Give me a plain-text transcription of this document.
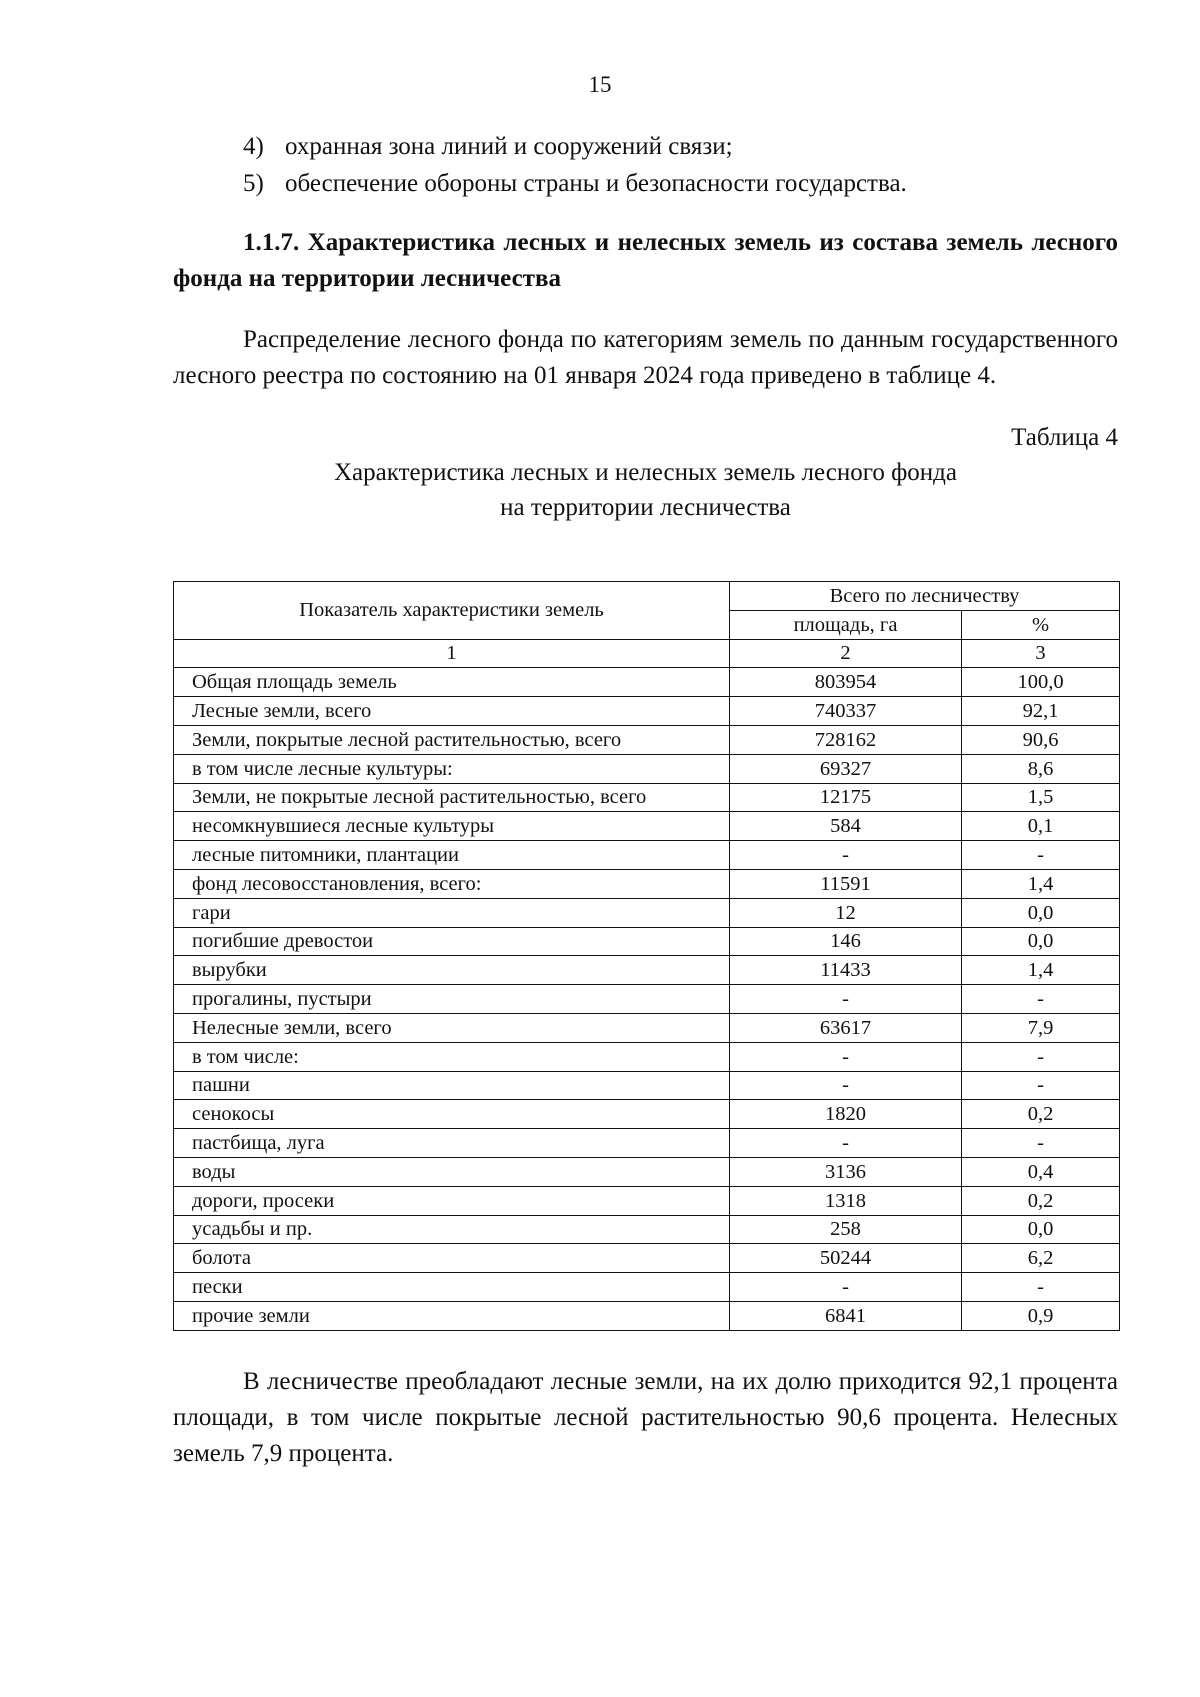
15
4) охранная зона линий и сооружений связи;
5) обеспечение обороны страны и безопасности государства.
1.1.7. Характеристика лесных и нелесных земель из состава земель лесного фонда на территории лесничества
Распределение лесного фонда по категориям земель по данным государственного лесного реестра по состоянию на 01 января 2024 года приведено в таблице 4.
Таблица 4
Характеристика лесных и нелесных земель лесного фонда
на территории лесничества
Показатель характеристики земель	Всего по лесничеству	
	площадь, га	%
1	2	3
Общая площадь земель	803954	100,0
Лесные земли, всего	740337	92,1
Земли, покрытые лесной растительностью, всего	728162	90,6
в том числе лесные культуры:	69327	8,6
Земли, не покрытые лесной растительностью, всего	12175	1,5
несомкнувшиеся лесные культуры	584	0,1
лесные питомники, плантации	-	-
фонд лесовосстановления, всего:	11591	1,4
гари	12	0,0
погибшие древостои	146	0,0
вырубки	11433	1,4
прогалины, пустыри	-	-
Нелесные земли, всего	63617	7,9
в том числе:	-	-
пашни	-	-
сенокосы	1820	0,2
пастбища, луга	-	-
воды	3136	0,4
дороги, просеки	1318	0,2
усадьбы и пр.	258	0,0
болота	50244	6,2
пески	-	-
прочие земли	6841	0,9
В лесничестве преобладают лесные земли, на их долю приходится 92,1 процента площади, в том числе покрытые лесной растительностью 90,6 процента. Нелесных земель 7,9 процента.
